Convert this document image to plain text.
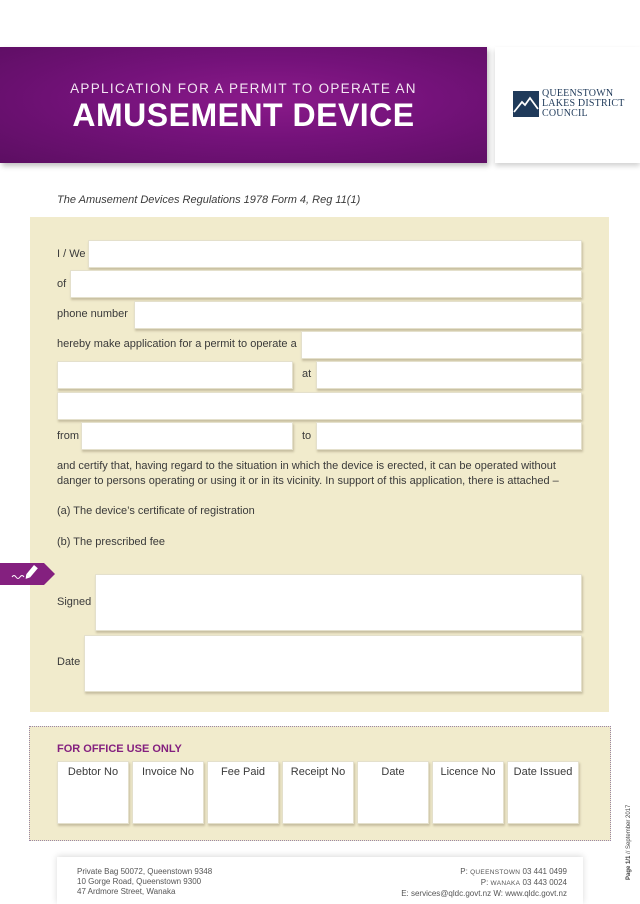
APPLICATION FOR A PERMIT TO OPERATE AN
AMUSEMENT DEVICE
QUEENSTOWN
LAKES DISTRICT
COUNCIL
The Amusement Devices Regulations 1978 Form 4, Reg 11(1)
I / We
of
phone number
hereby make application for a permit to operate a
at
from	to
and certify that, having regard to the situation in which the device is erected, it can be operated without
danger to persons operating or using it or in its vicinity. In support of this application, there is attached –
(a) The device’s certificate of registration
(b) The prescribed fee
Signed
Date
FOR OFFICE USE ONLY
Debtor No	Invoice No	Fee Paid	Receipt No	Date	Licence No	Date Issued
Private Bag 50072, Queenstown 9348
10 Gorge Road, Queenstown 9300
47 Ardmore Street, Wanaka
P: QUEENSTOWN 03 441 0499
P: WANAKA 03 443 0024
E: services@qldc.govt.nz W: www.qldc.govt.nz
Page 1/1 // September 2017
